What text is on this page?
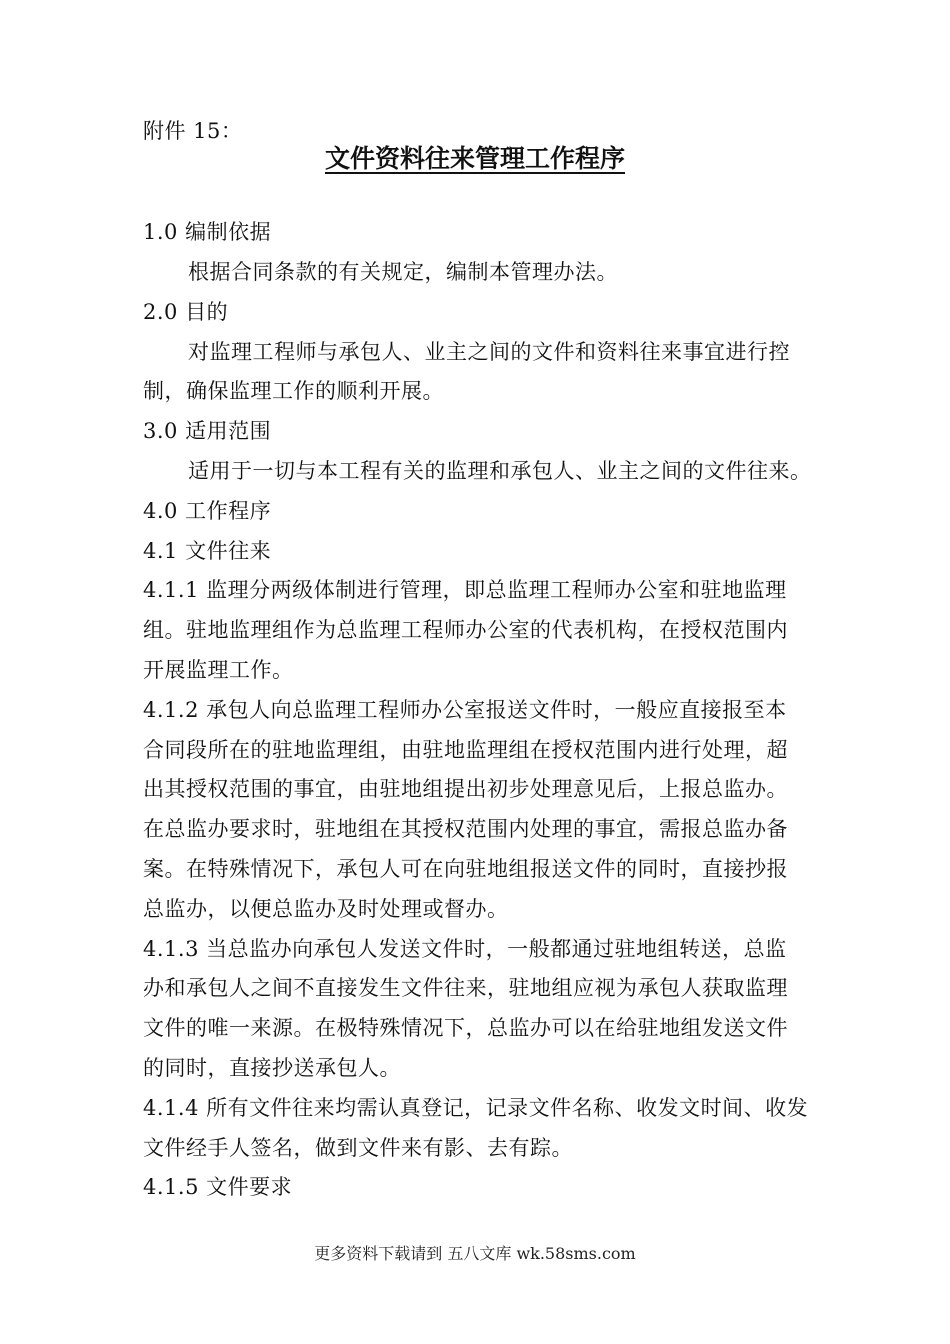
附件 15：
文件资料往来管理工作程序
1.0 编制依据
根据合同条款的有关规定，编制本管理办法。
2.0 目的
对监理工程师与承包人、业主之间的文件和资料往来事宜进行控
制，确保监理工作的顺利开展。
3.0 适用范围
适用于一切与本工程有关的监理和承包人、业主之间的文件往来。
4.0 工作程序
4.1 文件往来
4.1.1 监理分两级体制进行管理，即总监理工程师办公室和驻地监理
组。驻地监理组作为总监理工程师办公室的代表机构，在授权范围内
开展监理工作。
4.1.2 承包人向总监理工程师办公室报送文件时，一般应直接报至本
合同段所在的驻地监理组，由驻地监理组在授权范围内进行处理，超
出其授权范围的事宜，由驻地组提出初步处理意见后，上报总监办。
在总监办要求时，驻地组在其授权范围内处理的事宜，需报总监办备
案。在特殊情况下，承包人可在向驻地组报送文件的同时，直接抄报
总监办，以便总监办及时处理或督办。
4.1.3 当总监办向承包人发送文件时，一般都通过驻地组转送，总监
办和承包人之间不直接发生文件往来，驻地组应视为承包人获取监理
文件的唯一来源。在极特殊情况下，总监办可以在给驻地组发送文件
的同时，直接抄送承包人。
4.1.4 所有文件往来均需认真登记，记录文件名称、收发文时间、收发
文件经手人签名，做到文件来有影、去有踪。
4.1.5 文件要求
更多资料下载请到 五八文库 wk.58sms.com
